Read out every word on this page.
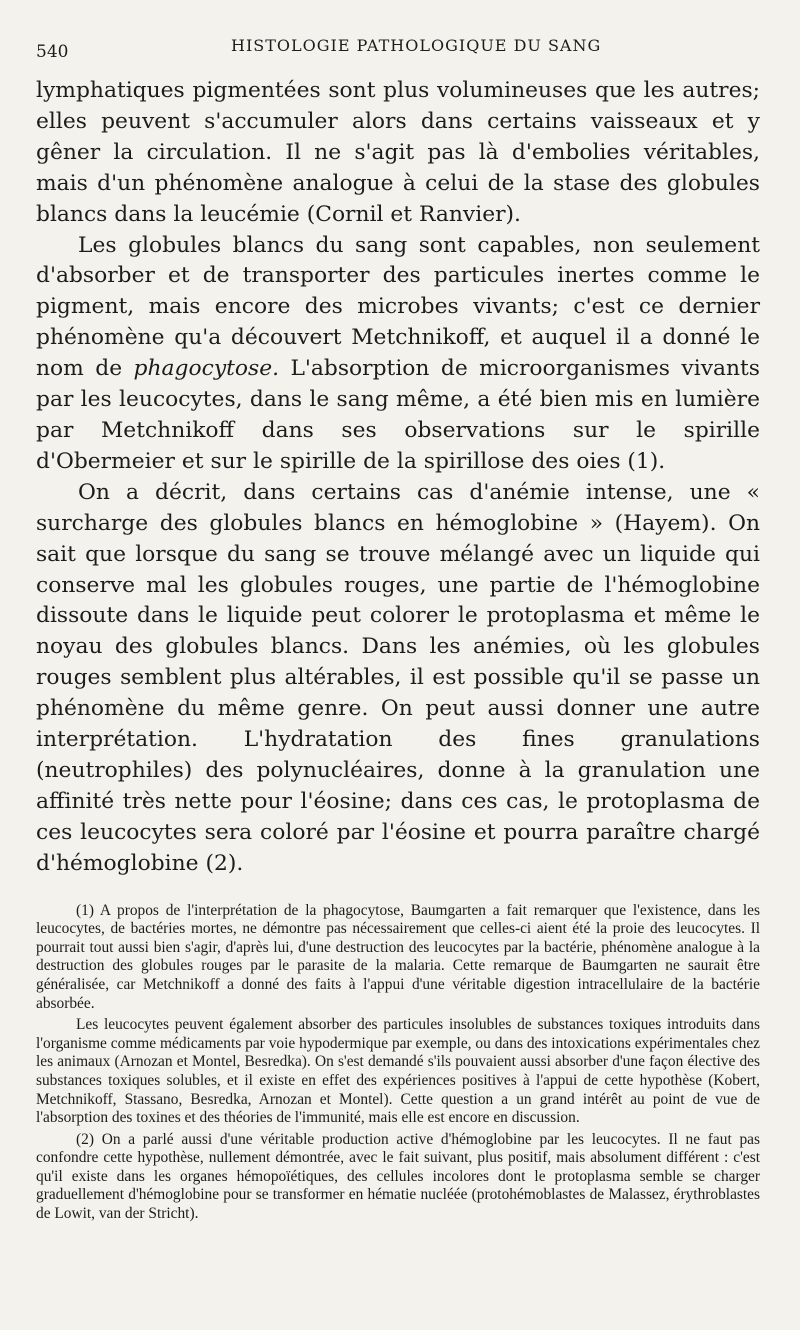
540	HISTOLOGIE PATHOLOGIQUE DU SANG

lymphatiques pigmentées sont plus volumineuses que les autres; elles peuvent s'accumuler alors dans certains vaisseaux et y gêner la circulation. Il ne s'agit pas là d'embolies véritables, mais d'un phénomène analogue à celui de la stase des globules blancs dans la leucémie (Cornil et Ranvier).

Les globules blancs du sang sont capables, non seulement d'absorber et de transporter des particules inertes comme le pigment, mais encore des microbes vivants; c'est ce dernier phénomène qu'a découvert Metchnikoff, et auquel il a donné le nom de phagocytose. L'absorption de microorganismes vivants par les leucocytes, dans le sang même, a été bien mis en lumière par Metchnikoff dans ses observations sur le spirille d'Obermeier et sur le spirille de la spirillose des oies (1).

On a décrit, dans certains cas d'anémie intense, une « surcharge des globules blancs en hémoglobine » (Hayem). On sait que lorsque du sang se trouve mélangé avec un liquide qui conserve mal les globules rouges, une partie de l'hémoglobine dissoute dans le liquide peut colorer le protoplasma et même le noyau des globules blancs. Dans les anémies, où les globules rouges semblent plus altérables, il est possible qu'il se passe un phénomène du même genre. On peut aussi donner une autre interprétation. L'hydratation des fines granulations (neutrophiles) des polynucléaires, donne à la granulation une affinité très nette pour l'éosine; dans ces cas, le protoplasma de ces leucocytes sera coloré par l'éosine et pourra paraître chargé d'hémoglobine (2).

(1) A propos de l'interprétation de la phagocytose, Baumgarten a fait remarquer que l'existence, dans les leucocytes, de bactéries mortes, ne démontre pas nécessairement que celles-ci aient été la proie des leucocytes. Il pourrait tout aussi bien s'agir, d'après lui, d'une destruction des leucocytes par la bactérie, phénomène analogue à la destruction des globules rouges par le parasite de la malaria. Cette remarque de Baumgarten ne saurait être généralisée, car Metchnikoff a donné des faits à l'appui d'une véritable digestion intracellulaire de la bactérie absorbée.

Les leucocytes peuvent également absorber des particules insolubles de substances toxiques introduits dans l'organisme comme médicaments par voie hypodermique par exemple, ou dans des intoxications expérimentales chez les animaux (Arnozan et Montel, Besredka). On s'est demandé s'ils pouvaient aussi absorber d'une façon élective des substances toxiques solubles, et il existe en effet des expériences positives à l'appui de cette hypothèse (Kobert, Metchnikoff, Stassano, Besredka, Arnozan et Montel). Cette question a un grand intérêt au point de vue de l'absorption des toxines et des théories de l'immunité, mais elle est encore en discussion.

(2) On a parlé aussi d'une véritable production active d'hémoglobine par les leucocytes. Il ne faut pas confondre cette hypothèse, nullement démontrée, avec le fait suivant, plus positif, mais absolument différent : c'est qu'il existe dans les organes hémopoïétiques, des cellules incolores dont le protoplasma semble se charger graduellement d'hémoglobine pour se transformer en hématie nucléée (protohémoblastes de Malassez, érythroblastes de Lowit, van der Stricht).
